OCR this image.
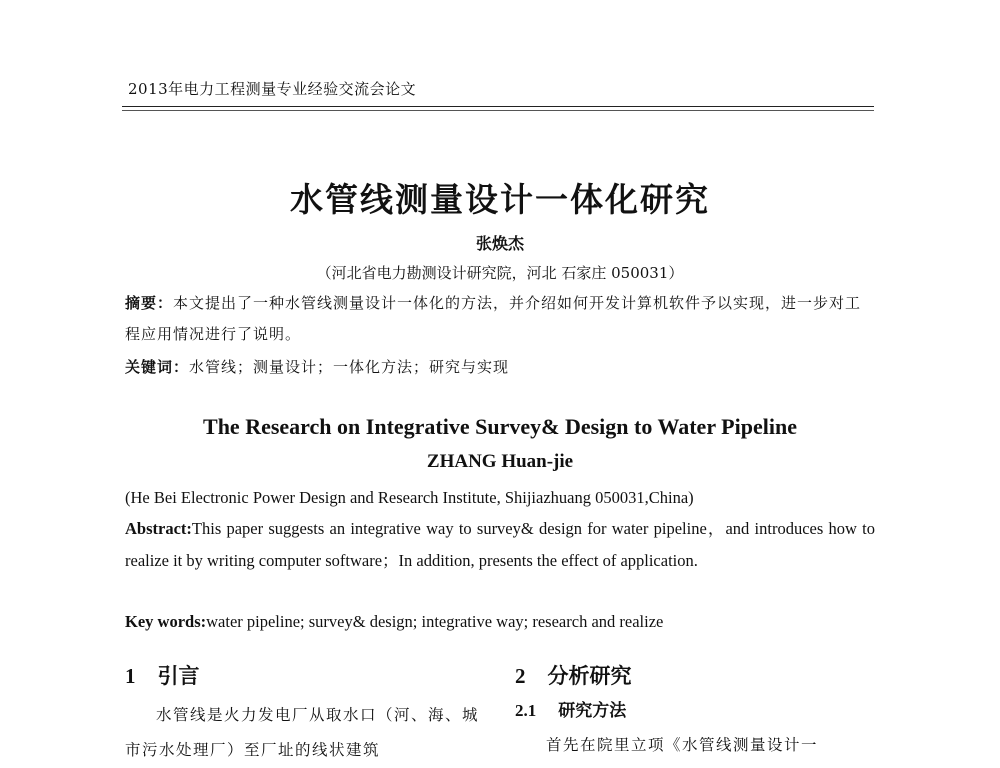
2013年电力工程测量专业经验交流会论文
水管线测量设计一体化研究
张焕杰
（河北省电力勘测设计研究院，河北 石家庄 050031）
摘要：本文提出了一种水管线测量设计一体化的方法，并介绍如何开发计算机软件予以实现，进一步对工程应用情况进行了说明。
关键词：水管线；测量设计；一体化方法；研究与实现
The Research on Integrative Survey& Design to Water Pipeline
ZHANG Huan-jie
(He Bei Electronic Power Design and Research Institute, Shijiazhuang 050031,China)
Abstract:This paper suggests an integrative way to survey& design for water pipeline，and introduces how to realize it by writing computer software；In addition, presents the effect of application.
Key words:water pipeline; survey& design; integrative way; research and realize
1 引言	2 分析研究
2.1 研究方法
水管线是火力发电厂从取水口（河、海、城市污水处理厂）至厂址的线状建筑	首先在院里立项《水管线测量设计一
